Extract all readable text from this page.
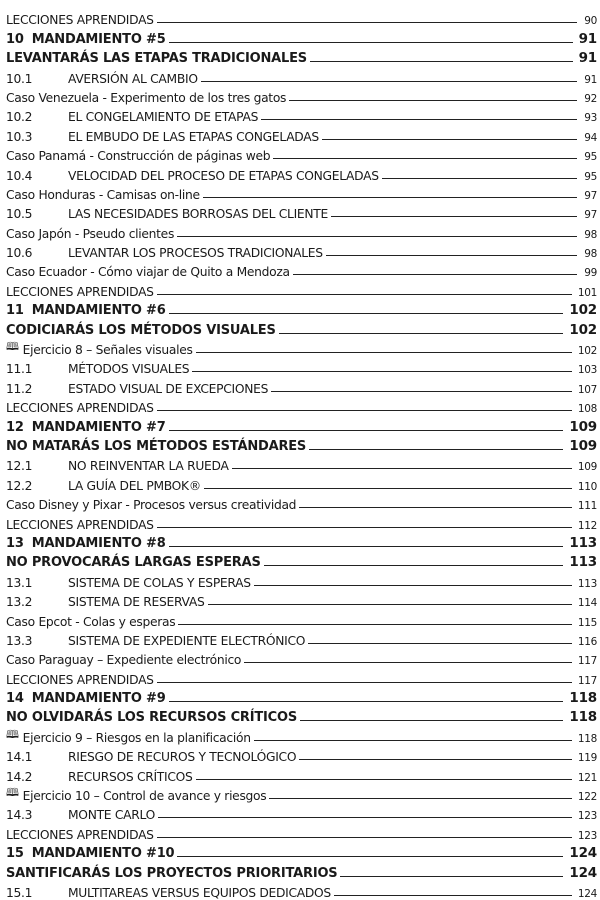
LECCIONES APRENDIDAS	90
10 MANDAMIENTO #5	91
LEVANTARÁS LAS ETAPAS TRADICIONALES	91
10.1	AVERSIÓN AL CAMBIO	91
Caso Venezuela - Experimento de los tres gatos	92
10.2	EL CONGELAMIENTO DE ETAPAS	93
10.3	EL EMBUDO DE LAS ETAPAS CONGELADAS	94
Caso Panamá - Construcción de páginas web	95
10.4	VELOCIDAD DEL PROCESO DE ETAPAS CONGELADAS	95
Caso Honduras - Camisas on-line	97
10.5	LAS NECESIDADES BORROSAS DEL CLIENTE	97
Caso Japón - Pseudo clientes	98
10.6	LEVANTAR LOS PROCESOS TRADICIONALES	98
Caso Ecuador - Cómo viajar de Quito a Mendoza	99
LECCIONES APRENDIDAS	101
11 MANDAMIENTO #6	102
CODICIARÁS LOS MÉTODOS VISUALES	102
🕮 Ejercicio 8 – Señales visuales	102
11.1	MÉTODOS VISUALES	103
11.2	ESTADO VISUAL DE EXCEPCIONES	107
LECCIONES APRENDIDAS	108
12 MANDAMIENTO #7	109
NO MATARÁS LOS MÉTODOS ESTÁNDARES	109
12.1	NO REINVENTAR LA RUEDA	109
12.2	LA GUÍA DEL PMBOK®	110
Caso Disney y Pixar - Procesos versus creatividad	111
LECCIONES APRENDIDAS	112
13 MANDAMIENTO #8	113
NO PROVOCARÁS LARGAS ESPERAS	113
13.1	SISTEMA DE COLAS Y ESPERAS	113
13.2	SISTEMA DE RESERVAS	114
Caso Epcot - Colas y esperas	115
13.3	SISTEMA DE EXPEDIENTE ELECTRÓNICO	116
Caso Paraguay – Expediente electrónico	117
LECCIONES APRENDIDAS	117
14 MANDAMIENTO #9	118
NO OLVIDARÁS LOS RECURSOS CRÍTICOS	118
🕮 Ejercicio 9 – Riesgos en la planificación	118
14.1	RIESGO DE RECUROS Y TECNOLÓGICO	119
14.2	RECURSOS CRÍTICOS	121
🕮 Ejercicio 10 – Control de avance y riesgos	122
14.3	MONTE CARLO	123
LECCIONES APRENDIDAS	123
15 MANDAMIENTO #10	124
SANTIFICARÁS LOS PROYECTOS PRIORITARIOS	124
15.1	MULTITAREAS VERSUS EQUIPOS DEDICADOS	124
